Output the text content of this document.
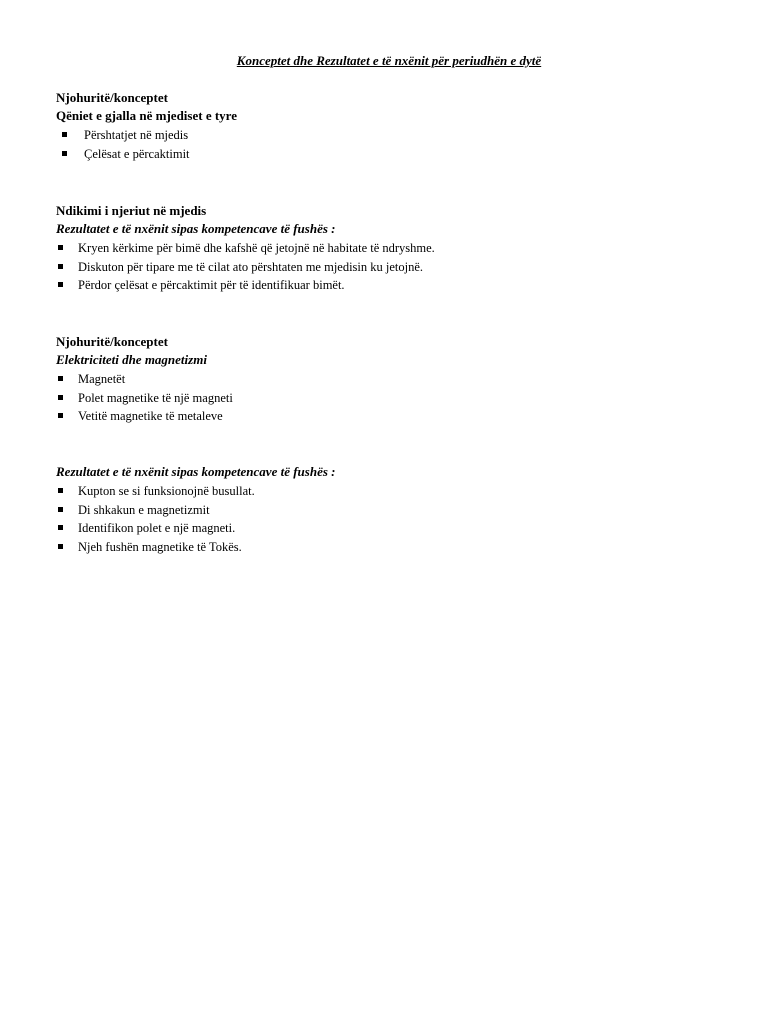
Konceptet dhe Rezultatet e të nxënit për periudhën e dytë
Njohuritë/konceptet
Qëniet e gjalla në mjediset e tyre
Përshtatjet në mjedis
Çelësat e përcaktimit
Ndikimi i njeriut në mjedis
Rezultatet e të nxënit sipas kompetencave të fushës :
Kryen kërkime për bimë dhe kafshë që jetojnë në habitate të ndryshme.
Diskuton për tipare me të cilat ato përshtaten me mjedisin ku jetojnë.
Përdor çelësat e përcaktimit për të identifikuar bimët.
Njohuritë/konceptet
Elektriciteti dhe magnetizmi
Magnetët
Polet magnetike të një magneti
Vetitë magnetike të metaleve
Rezultatet e të nxënit sipas kompetencave të fushës :
Kupton se si funksionojnë busullat.
Di shkakun e magnetizmit
Identifikon polet e një magneti.
Njeh fushën magnetike të Tokës.
